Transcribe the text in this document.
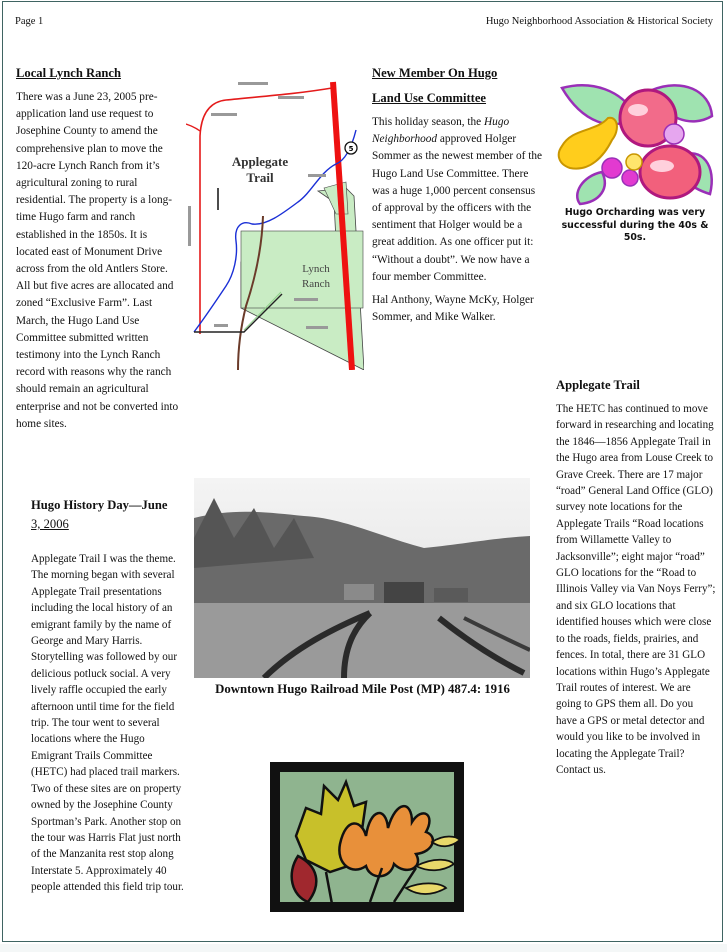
Page 1	Hugo Neighborhood Association & Historical Society
Local Lynch Ranch

There was a June 23, 2005 pre-application land use request to Josephine County to amend the comprehensive plan to move the 120-acre Lynch Ranch from it’s agricultural zoning to rural residential. The property is a long-time Hugo farm and ranch established in the 1850s. It is located east of Monument Drive across from the old Antlers Store. All but five acres are allocated and zoned “Exclusive Farm”. Last March, the Hugo Land Use Committee submitted written testimony into the Lynch Ranch record with reasons why the ranch should remain an agricultural enterprise and not be converted into home sites.

5
Applegate
Trail
Lynch
Ranch
New Member On Hugo
Land Use Committee

This holiday season, the Hugo Neighborhood approved Holger Sommer as the newest member of the Hugo Land Use Committee. There was a huge 1,000 percent consensus of approval by the officers with the sentiment that Holger would be a great addition. As one officer put it: “Without a doubt”. We now have a four member Committee.

Hal Anthony, Wayne McKy, Holger Sommer, and Mike Walker.

Hugo Orcharding was very successful during the 40s & 50s.
Applegate Trail

The HETC has continued to move forward in researching and locating the 1846—1856 Applegate Trail in the Hugo area from Louse Creek to Grave Creek. There are 17 major “road” General Land Office (GLO) survey note locations for the Applegate Trails “Road locations from Willamette Valley to Jacksonville”; eight major “road” GLO locations for the “Road to Illinois Valley via Van Noys Ferry”; and six GLO locations that identified houses which were close to the roads, fields, prairies, and fences. In total, there are 31 GLO locations within Hugo’s Applegate Trail routes of interest. We are going to GPS them all. Do you have a GPS or metal detector and would you like to be involved in locating the Applegate Trail? Contact us.

Hugo History Day—June
3, 2006

Applegate Trail I was the theme. The morning began with several Applegate Trail presentations including the local history of an emigrant family by the name of George and Mary Harris. Storytelling was followed by our delicious potluck social. A very lively raffle occupied the early afternoon until time for the field trip. The tour went to several locations where the Hugo Emigrant Trails Committee (HETC) had placed trail markers. Two of these sites are on property owned by the Josephine County Sportman’s Park. Another stop on the tour was Harris Flat just north of the Manzanita rest stop along Interstate 5. Approximately 40 people attended this field trip tour.

Downtown Hugo Railroad Mile Post (MP) 487.4: 1916
